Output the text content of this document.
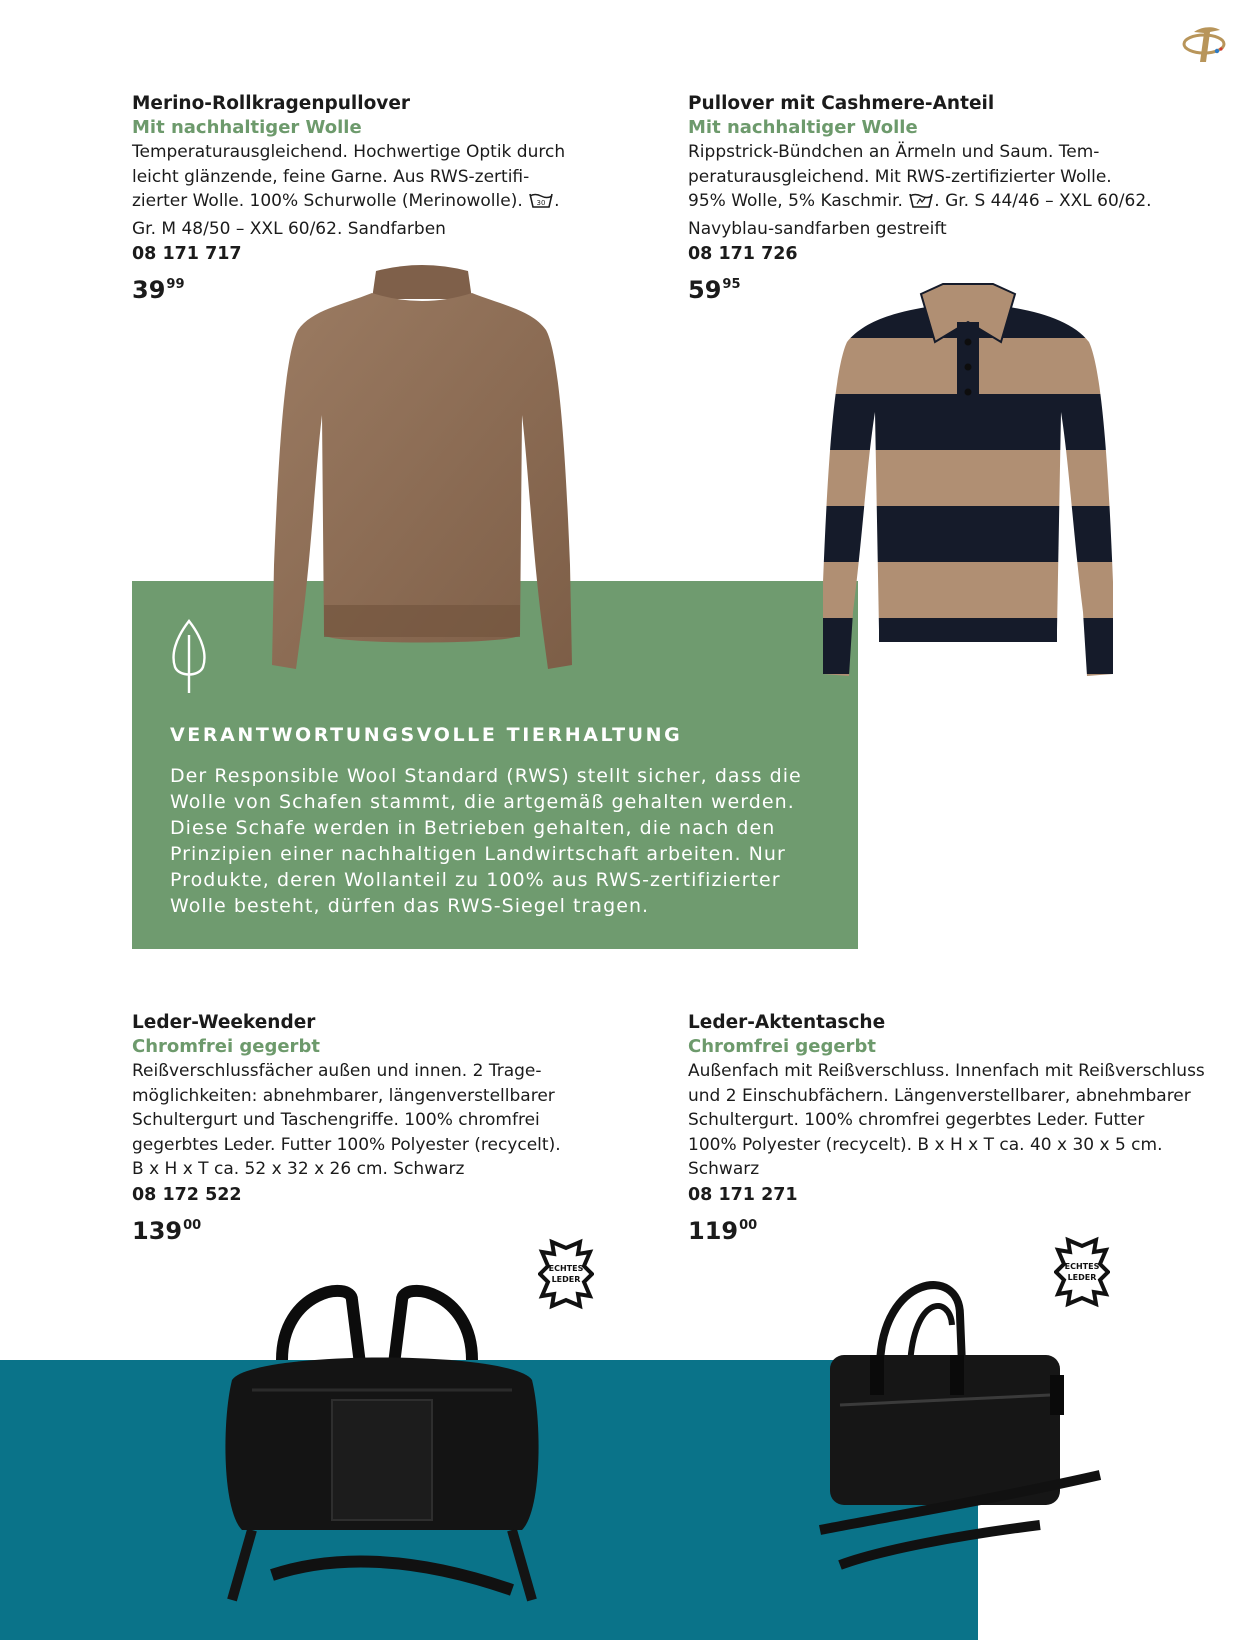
Merino-Rollkragenpullover
Mit nachhaltiger Wolle

Temperaturausgleichend. Hochwertige Optik durch

leicht glänzende, feine Garne. Aus RWS-zertifi-

zierter Wolle. 100% Schurwolle (Merinowolle). 30 .

Gr. M 48/50 – XXL 60/62. Sandfarben

08 171 717
$39^{99}$
Pullover mit Cashmere-Anteil
Mit nachhaltiger Wolle

Rippstrick-Bündchen an Ärmeln und Saum. Tem-

peraturausgleichend. Mit RWS-zertifizierter Wolle.

95% Wolle, 5% Kaschmir. . Gr. S 44/46 – XXL 60/62.

Navyblau-sandfarben gestreift

08 171 726
$59^{95}$
VERANTWORTUNGSVOLLE TIERHALTUNG

Der Responsible Wool Standard (RWS) stellt sicher, dass die

Wolle von Schafen stammt, die artgemäß gehalten werden.

Diese Schafe werden in Betrieben gehalten, die nach den

Prinzipien einer nachhaltigen Landwirtschaft arbeiten. Nur

Produkte, deren Wollanteil zu 100% aus RWS-zertifizierter

Wolle besteht, dürfen das RWS-Siegel tragen.

Leder-Weekender
Chromfrei gegerbt

Reißverschlussfächer außen und innen. 2 Trage-

möglichkeiten: abnehmbarer, längenverstellbarer

Schultergurt und Taschengriffe. 100% chromfrei

gegerbtes Leder. Futter 100% Polyester (recycelt).

B x H x T ca. 52 x 32 x 26 cm. Schwarz

08 172 522
$139^{00}$
Leder-Aktentasche
Chromfrei gegerbt

Außenfach mit Reißverschluss. Innenfach mit Reißverschluss

und 2 Einschubfächern. Längenverstellbarer, abnehmbarer

Schultergurt. 100% chromfrei gegerbtes Leder. Futter

100% Polyester (recycelt). B x H x T ca. 40 x 30 x 5 cm.

Schwarz

08 171 271
$119^{00}$
ECHTES
LEDER
ECHTES
LEDER
